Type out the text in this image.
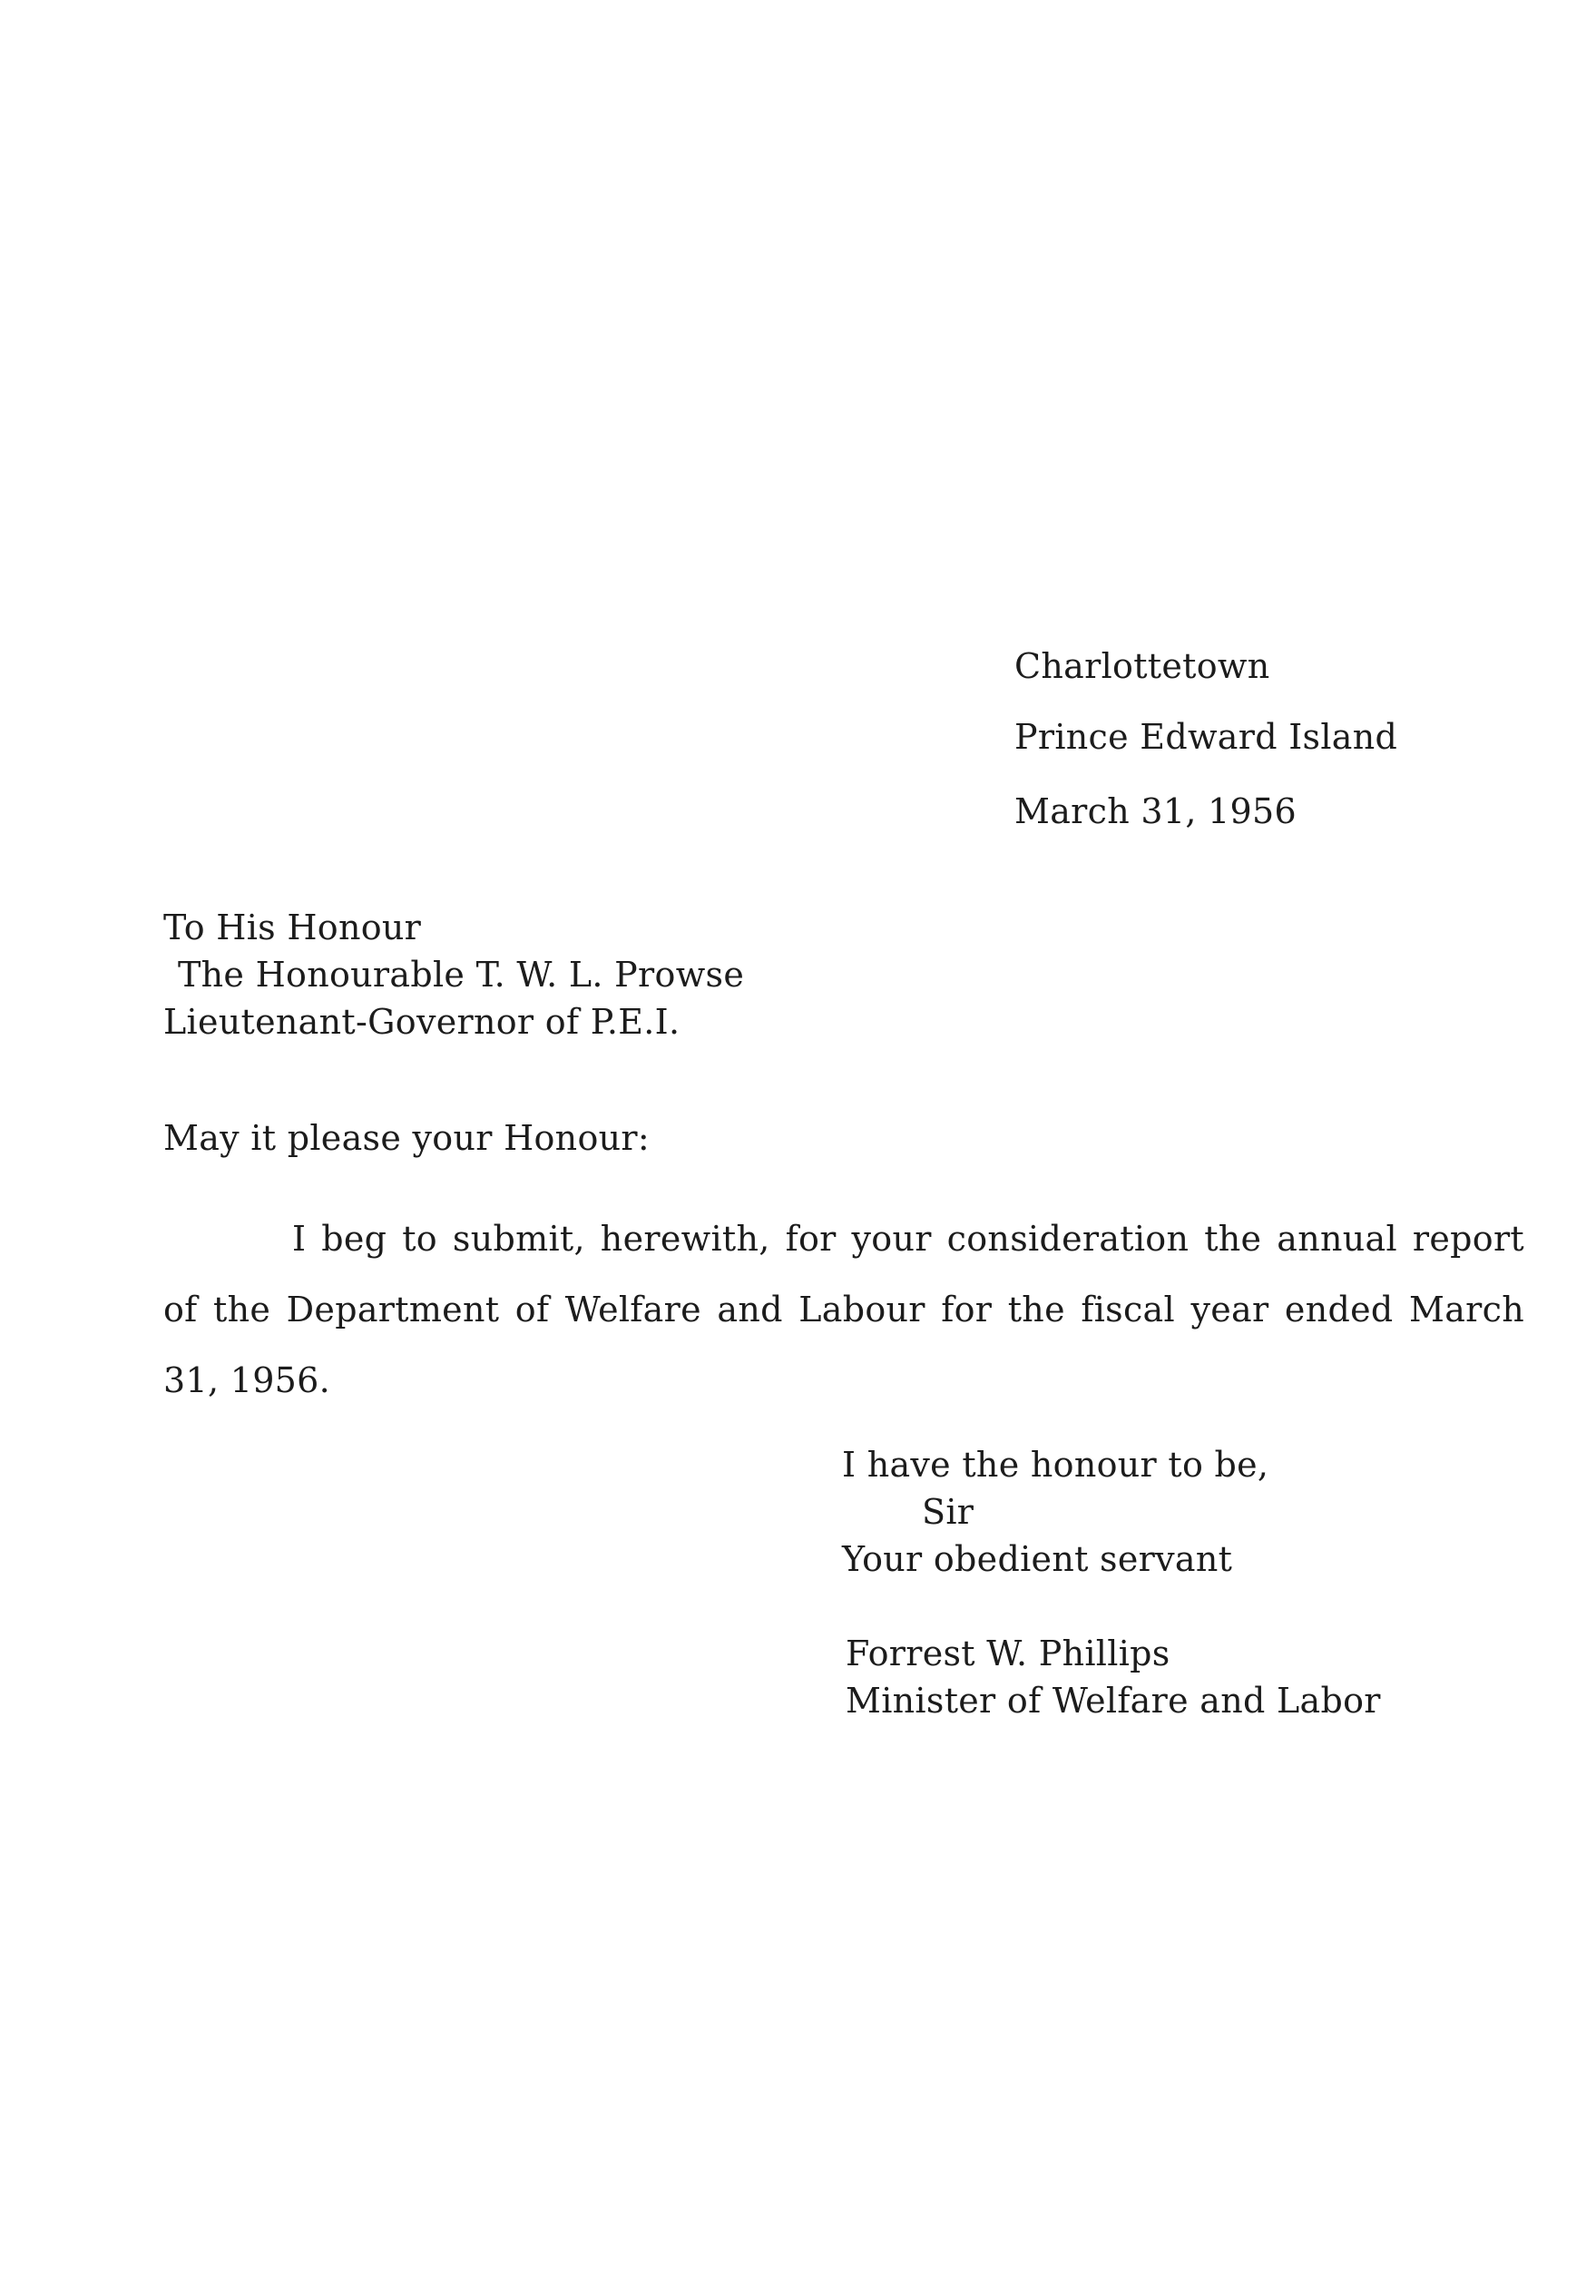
Charlottetown
Prince Edward Island
March 31, 1956
To His Honour
The Honourable T. W. L. Prowse
Lieutenant-Governor of P.E.I.
May it please your Honour:

I beg to submit, herewith, for your consideration the annual report of the Department of Welfare and Labour for the fiscal year ended March 31, 1956.

I have the honour to be,
Sir
Your obedient servant
Forrest W. Phillips
Minister of Welfare and Labor
